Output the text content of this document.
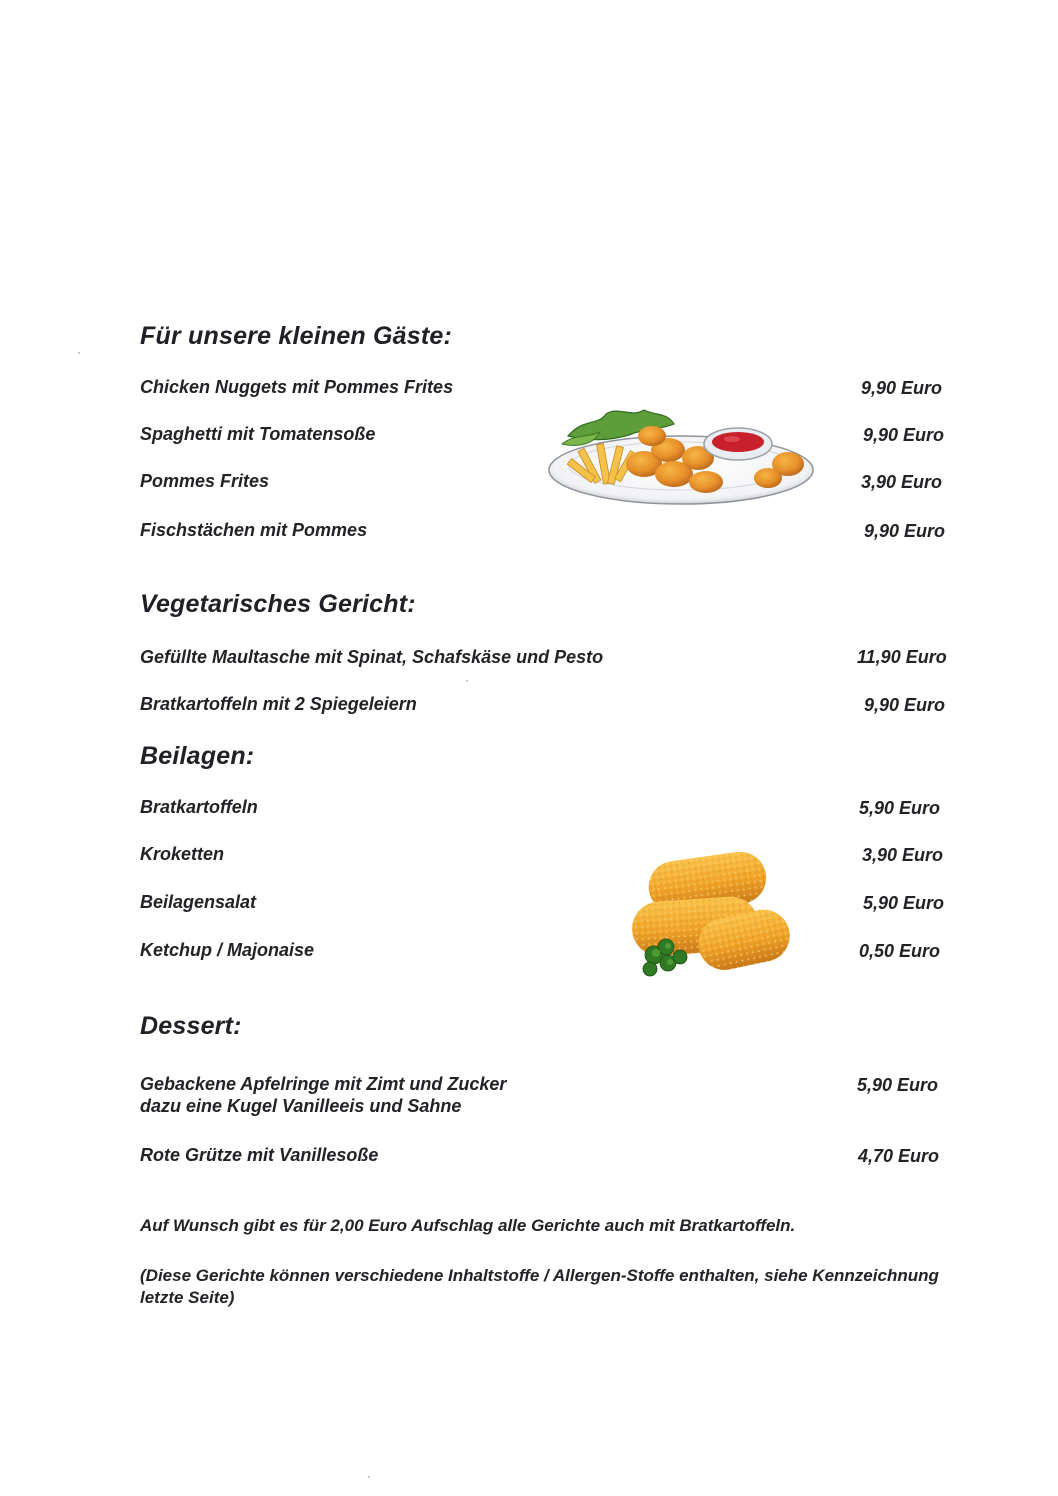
Für unsere kleinen Gäste:
Chicken Nuggets mit Pommes Frites	9,90 Euro
Spaghetti mit Tomatensoße	9,90 Euro
Pommes Frites	3,90 Euro
Fischstächen mit Pommes	9,90 Euro
Vegetarisches Gericht:
Gefüllte Maultasche mit Spinat, Schafskäse und Pesto	11,90 Euro
Bratkartoffeln mit 2 Spiegeleiern	9,90 Euro
Beilagen:
Bratkartoffeln	5,90 Euro
Kroketten	3,90 Euro
Beilagensalat	5,90 Euro
Ketchup / Majonaise	0,50 Euro
Dessert:
Gebackene Apfelringe mit Zimt und Zucker
dazu eine Kugel Vanilleeis und Sahne
5,90 Euro
Rote Grütze mit Vanillesoße	4,70 Euro
Auf Wunsch gibt es für 2,00 Euro Aufschlag alle Gerichte auch mit Bratkartoffeln.
(Diese Gerichte können verschiedene Inhaltstoffe / Allergen-Stoffe enthalten, siehe Kennzeichnung letzte Seite)
